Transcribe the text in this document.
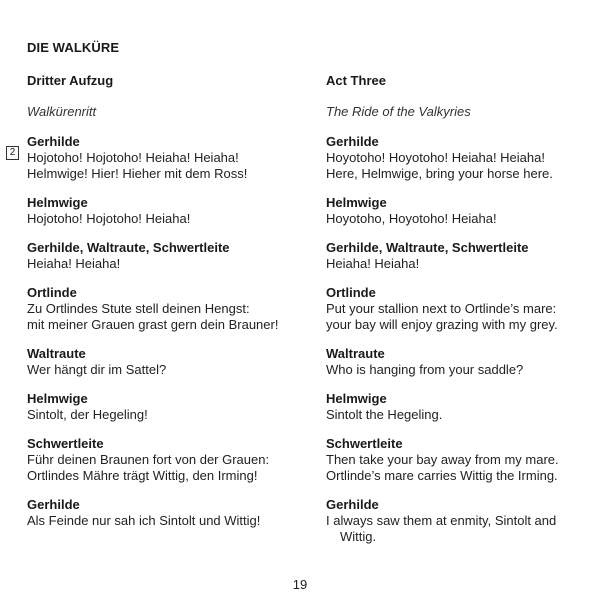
DIE WALKÜRE
2
Dritter Aufzug
Walkürenritt
Gerhilde
Hojotoho! Hojotoho! Heiaha! Heiaha!
Helmwige! Hier! Hieher mit dem Ross!
Helmwige
Hojotoho! Hojotoho! Heiaha!
Gerhilde, Waltraute, Schwertleite
Heiaha! Heiaha!
Ortlinde
Zu Ortlindes Stute stell deinen Hengst:
mit meiner Grauen grast gern dein Brauner!
Waltraute
Wer hängt dir im Sattel?
Helmwige
Sintolt, der Hegeling!
Schwertleite
Führ deinen Braunen fort von der Grauen:
Ortlindes Mähre trägt Wittig, den Irming!
Gerhilde
Als Feinde nur sah ich Sintolt und Wittig!
Act Three
The Ride of the Valkyries
Gerhilde
Hoyotoho! Hoyotoho! Heiaha! Heiaha!
Here, Helmwige, bring your horse here.
Helmwige
Hoyotoho, Hoyotoho! Heiaha!
Gerhilde, Waltraute, Schwertleite
Heiaha! Heiaha!
Ortlinde
Put your stallion next to Ortlinde’s mare:
your bay will enjoy grazing with my grey.
Waltraute
Who is hanging from your saddle?
Helmwige
Sintolt the Hegeling.
Schwertleite
Then take your bay away from my mare.
Ortlinde’s mare carries Wittig the Irming.
Gerhilde
I always saw them at enmity, Sintolt and
Wittig.
19
